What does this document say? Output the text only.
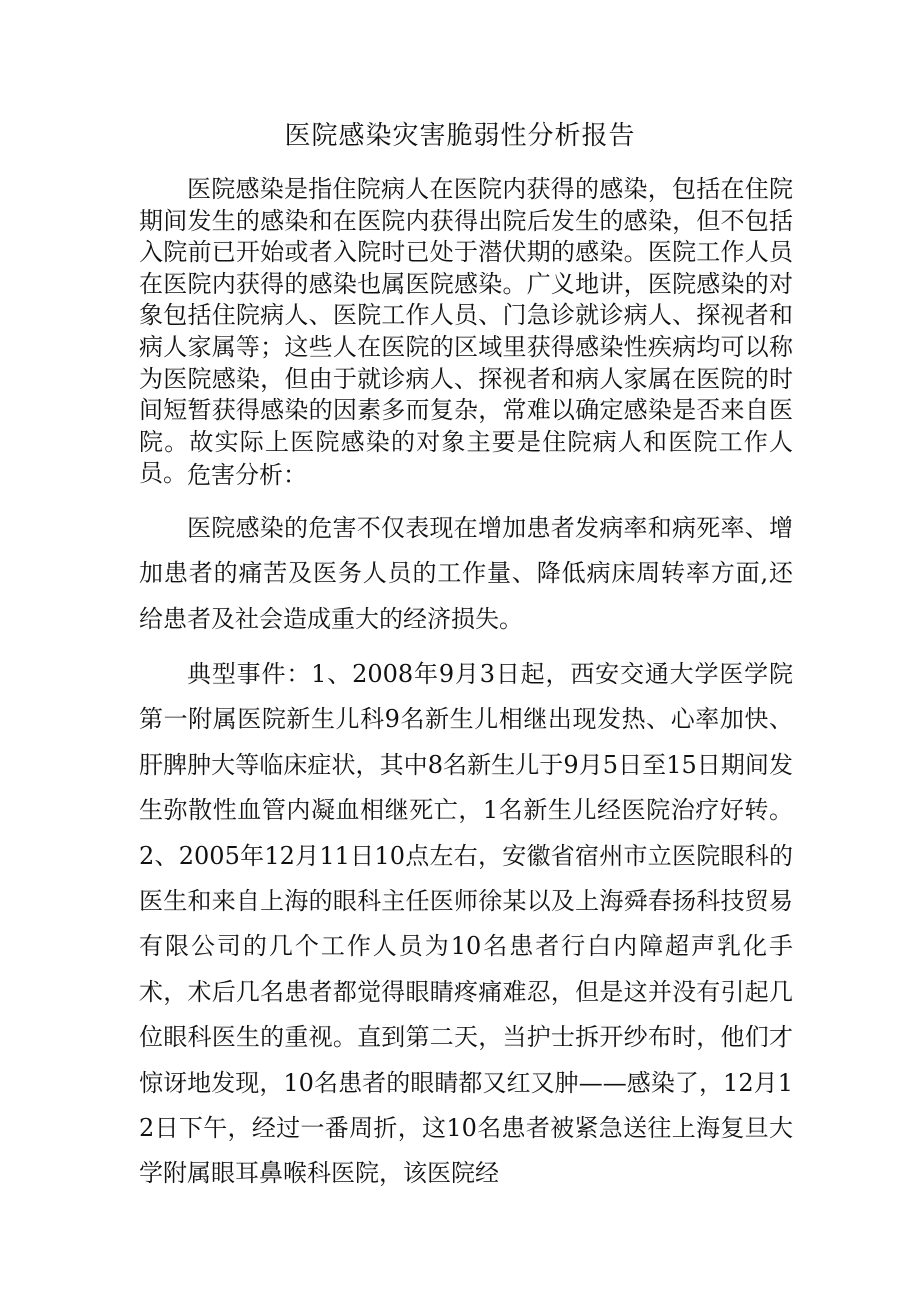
医院感染灾害脆弱性分析报告

医院感染是指住院病人在医院内获得的感染，包括在住院期间发生的感染和在医院内获得出院后发生的感染，但不包括入院前已开始或者入院时已处于潜伏期的感染。医院工作人员在医院内获得的感染也属医院感染。广义地讲，医院感染的对象包括住院病人、医院工作人员、门急诊就诊病人、探视者和病人家属等；这些人在医院的区域里获得感染性疾病均可以称为医院感染，但由于就诊病人、探视者和病人家属在医院的时间短暂获得感染的因素多而复杂，常难以确定感染是否来自医院。故实际上医院感染的对象主要是住院病人和医院工作人员。 危害分析：

医院感染的危害不仅表现在增加患者发病率和病死率、增加患者的痛苦及医务人员的工作量、降低病床周转率方面,还给患者及社会造成重大的经济损失。

典型事件：1、2008年9月3日起，西安交通大学医学院第一附属医院新生儿科9名新生儿相继出现发热、心率加快、肝脾肿大等临床症状，其中8名新生儿于9月5日至15日期间发生弥散性血管内凝血相继死亡，1名新生儿经医院治疗好转。2、2005年12月11日10点左右，安徽省宿州市立医院眼科的医生和来自上海的眼科主任医师徐某以及上海舜春扬科技贸易有限公司的几个工作人员为10名患者行白内障超声乳化手术，术后几名患者都觉得眼睛疼痛难忍，但是这并没有引起几位眼科医生的重视。直到第二天，当护士拆开纱布时，他们才惊讶地发现，10名患者的眼睛都又红又肿——感染了，12月12日下午，经过一番周折，这10名患者被紧急送往上海复旦大学附属眼耳鼻喉科医院，该医院经
